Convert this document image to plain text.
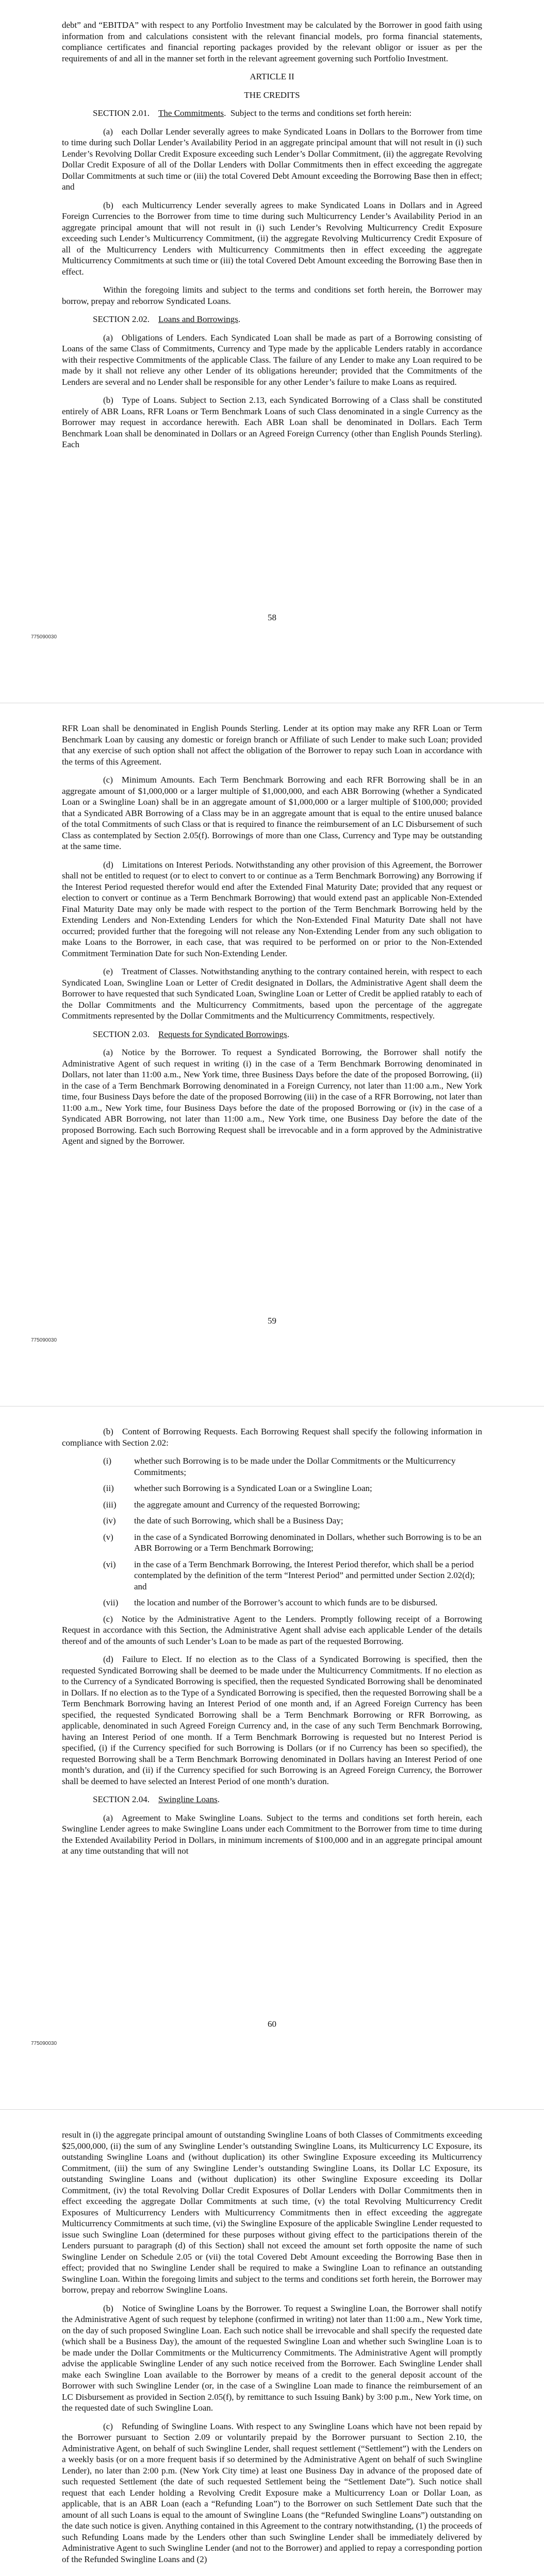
debt” and “EBITDA” with respect to any Portfolio Investment may be calculated by the Borrower in good faith using information from and calculations consistent with the relevant financial models, pro forma financial statements, compliance certificates and financial reporting packages provided by the relevant obligor or issuer as per the requirements of and all in the manner set forth in the relevant agreement governing such Portfolio Investment.

ARTICLE II
THE CREDITS

SECTION 2.01. The Commitments.  Subject to the terms and conditions set forth herein:

(a) each Dollar Lender severally agrees to make Syndicated Loans in Dollars to the Borrower from time to time during such Dollar Lender’s Availability Period in an aggregate principal amount that will not result in (i) such Lender’s Revolving Dollar Credit Exposure exceeding such Lender’s Dollar Commitment, (ii) the aggregate Revolving Dollar Credit Exposure of all of the Dollar Lenders with Dollar Commitments then in effect exceeding the aggregate Dollar Commitments at such time or (iii) the total Covered Debt Amount exceeding the Borrowing Base then in effect; and

(b) each Multicurrency Lender severally agrees to make Syndicated Loans in Dollars and in Agreed Foreign Currencies to the Borrower from time to time during such Multicurrency Lender’s Availability Period in an aggregate principal amount that will not result in (i) such Lender’s Revolving Multicurrency Credit Exposure exceeding such Lender’s Multicurrency Commitment, (ii) the aggregate Revolving Multicurrency Credit Exposure of all of the Multicurrency Lenders with Multicurrency Commitments then in effect exceeding the aggregate Multicurrency Commitments at such time or (iii) the total Covered Debt Amount exceeding the Borrowing Base then in effect.

Within the foregoing limits and subject to the terms and conditions set forth herein, the Borrower may borrow, prepay and reborrow Syndicated Loans.

SECTION 2.02. Loans and Borrowings.

(a) Obligations of Lenders. Each Syndicated Loan shall be made as part of a Borrowing consisting of Loans of the same Class of Commitments, Currency and Type made by the applicable Lenders ratably in accordance with their respective Commitments of the applicable Class. The failure of any Lender to make any Loan required to be made by it shall not relieve any other Lender of its obligations hereunder; provided that the Commitments of the Lenders are several and no Lender shall be responsible for any other Lender’s failure to make Loans as required.

(b) Type of Loans. Subject to Section 2.13, each Syndicated Borrowing of a Class shall be constituted entirely of ABR Loans, RFR Loans or Term Benchmark Loans of such Class denominated in a single Currency as the Borrower may request in accordance herewith. Each ABR Loan shall be denominated in Dollars. Each Term Benchmark Loan shall be denominated in Dollars or an Agreed Foreign Currency (other than English Pounds Sterling). Each

58
775090030

RFR Loan shall be denominated in English Pounds Sterling. Lender at its option may make any RFR Loan or Term Benchmark Loan by causing any domestic or foreign branch or Affiliate of such Lender to make such Loan; provided that any exercise of such option shall not affect the obligation of the Borrower to repay such Loan in accordance with the terms of this Agreement.

(c) Minimum Amounts. Each Term Benchmark Borrowing and each RFR Borrowing shall be in an aggregate amount of $1,000,000 or a larger multiple of $1,000,000, and each ABR Borrowing (whether a Syndicated Loan or a Swingline Loan) shall be in an aggregate amount of $1,000,000 or a larger multiple of $100,000; provided that a Syndicated ABR Borrowing of a Class may be in an aggregate amount that is equal to the entire unused balance of the total Commitments of such Class or that is required to finance the reimbursement of an LC Disbursement of such Class as contemplated by Section 2.05(f). Borrowings of more than one Class, Currency and Type may be outstanding at the same time.

(d) Limitations on Interest Periods. Notwithstanding any other provision of this Agreement, the Borrower shall not be entitled to request (or to elect to convert to or continue as a Term Benchmark Borrowing) any Borrowing if the Interest Period requested therefor would end after the Extended Final Maturity Date; provided that any request or election to convert or continue as a Term Benchmark Borrowing) that would extend past an applicable Non-Extended Final Maturity Date may only be made with respect to the portion of the Term Benchmark Borrowing held by the Extending Lenders and Non-Extending Lenders for which the Non-Extended Final Maturity Date shall not have occurred; provided further that the foregoing will not release any Non-Extending Lender from any such obligation to make Loans to the Borrower, in each case, that was required to be performed on or prior to the Non-Extended Commitment Termination Date for such Non-Extending Lender.

(e) Treatment of Classes. Notwithstanding anything to the contrary contained herein, with respect to each Syndicated Loan, Swingline Loan or Letter of Credit designated in Dollars, the Administrative Agent shall deem the Borrower to have requested that such Syndicated Loan, Swingline Loan or Letter of Credit be applied ratably to each of the Dollar Commitments and the Multicurrency Commitments, based upon the percentage of the aggregate Commitments represented by the Dollar Commitments and the Multicurrency Commitments, respectively.

SECTION 2.03. Requests for Syndicated Borrowings.

(a) Notice by the Borrower. To request a Syndicated Borrowing, the Borrower shall notify the Administrative Agent of such request in writing (i) in the case of a Term Benchmark Borrowing denominated in Dollars, not later than 11:00 a.m., New York time, three Business Days before the date of the proposed Borrowing, (ii) in the case of a Term Benchmark Borrowing denominated in a Foreign Currency, not later than 11:00 a.m., New York time, four Business Days before the date of the proposed Borrowing (iii) in the case of a RFR Borrowing, not later than 11:00 a.m., New York time, four Business Days before the date of the proposed Borrowing or (iv) in the case of a Syndicated ABR Borrowing, not later than 11:00 a.m., New York time, one Business Day before the date of the proposed Borrowing. Each such Borrowing Request shall be irrevocable and in a form approved by the Administrative Agent and signed by the Borrower.

59
775090030

(b) Content of Borrowing Requests. Each Borrowing Request shall specify the following information in compliance with Section 2.02:

(i)	whether such Borrowing is to be made under the Dollar Commitments or the Multicurrency Commitments;
(ii) whether such Borrowing is a Syndicated Loan or a Swingline Loan;
(iii) the aggregate amount and Currency of the requested Borrowing;
(iv) the date of such Borrowing, which shall be a Business Day;
(v) in the case of a Syndicated Borrowing denominated in Dollars, whether such Borrowing is to be an ABR Borrowing or a Term Benchmark Borrowing;
(vi) in the case of a Term Benchmark Borrowing, the Interest Period therefor, which shall be a period contemplated by the definition of the term “Interest Period” and permitted under Section 2.02(d); and
(vii) the location and number of the Borrower’s account to which funds are to be disbursed.

(c) Notice by the Administrative Agent to the Lenders. Promptly following receipt of a Borrowing Request in accordance with this Section, the Administrative Agent shall advise each applicable Lender of the details thereof and of the amounts of such Lender’s Loan to be made as part of the requested Borrowing.

(d) Failure to Elect. If no election as to the Class of a Syndicated Borrowing is specified, then the requested Syndicated Borrowing shall be deemed to be made under the Multicurrency Commitments. If no election as to the Currency of a Syndicated Borrowing is specified, then the requested Syndicated Borrowing shall be denominated in Dollars. If no election as to the Type of a Syndicated Borrowing is specified, then the requested Borrowing shall be a Term Benchmark Borrowing having an Interest Period of one month and, if an Agreed Foreign Currency has been specified, the requested Syndicated Borrowing shall be a Term Benchmark Borrowing or RFR Borrowing, as applicable, denominated in such Agreed Foreign Currency and, in the case of any such Term Benchmark Borrowing, having an Interest Period of one month. If a Term Benchmark Borrowing is requested but no Interest Period is specified, (i) if the Currency specified for such Borrowing is Dollars (or if no Currency has been so specified), the requested Borrowing shall be a Term Benchmark Borrowing denominated in Dollars having an Interest Period of one month’s duration, and (ii) if the Currency specified for such Borrowing is an Agreed Foreign Currency, the Borrower shall be deemed to have selected an Interest Period of one month’s duration.

SECTION 2.04. Swingline Loans.

(a) Agreement to Make Swingline Loans. Subject to the terms and conditions set forth herein, each Swingline Lender agrees to make Swingline Loans under each Commitment to the Borrower from time to time during the Extended Availability Period in Dollars, in minimum increments of $100,000 and in an aggregate principal amount at any time outstanding that will not

60
775090030

result in (i) the aggregate principal amount of outstanding Swingline Loans of both Classes of Commitments exceeding $25,000,000, (ii) the sum of any Swingline Lender’s outstanding Swingline Loans, its Multicurrency LC Exposure, its outstanding Swingline Loans and (without duplication) its other Swingline Exposure exceeding its Multicurrency Commitment, (iii) the sum of any Swingline Lender’s outstanding Swingline Loans, its Dollar LC Exposure, its outstanding Swingline Loans and (without duplication) its other Swingline Exposure exceeding its Dollar Commitment, (iv) the total Revolving Dollar Credit Exposures of Dollar Lenders with Dollar Commitments then in effect exceeding the aggregate Dollar Commitments at such time, (v) the total Revolving Multicurrency Credit Exposures of Multicurrency Lenders with Multicurrency Commitments then in effect exceeding the aggregate Multicurrency Commitments at such time, (vi) the Swingline Exposure of the applicable Swingline Lender requested to issue such Swingline Loan (determined for these purposes without giving effect to the participations therein of the Lenders pursuant to paragraph (d) of this Section) shall not exceed the amount set forth opposite the name of such Swingline Lender on Schedule 2.05 or (vii) the total Covered Debt Amount exceeding the Borrowing Base then in effect; provided that no Swingline Lender shall be required to make a Swingline Loan to refinance an outstanding Swingline Loan. Within the foregoing limits and subject to the terms and conditions set forth herein, the Borrower may borrow, prepay and reborrow Swingline Loans.

(b) Notice of Swingline Loans by the Borrower. To request a Swingline Loan, the Borrower shall notify the Administrative Agent of such request by telephone (confirmed in writing) not later than 11:00 a.m., New York time, on the day of such proposed Swingline Loan. Each such notice shall be irrevocable and shall specify the requested date (which shall be a Business Day), the amount of the requested Swingline Loan and whether such Swingline Loan is to be made under the Dollar Commitments or the Multicurrency Commitments. The Administrative Agent will promptly advise the applicable Swingline Lender of any such notice received from the Borrower. Each Swingline Lender shall make each Swingline Loan available to the Borrower by means of a credit to the general deposit account of the Borrower with such Swingline Lender (or, in the case of a Swingline Loan made to finance the reimbursement of an LC Disbursement as provided in Section 2.05(f), by remittance to such Issuing Bank) by 3:00 p.m., New York time, on the requested date of such Swingline Loan.

(c) Refunding of Swingline Loans. With respect to any Swingline Loans which have not been repaid by the Borrower pursuant to Section 2.09 or voluntarily prepaid by the Borrower pursuant to Section 2.10, the Administrative Agent, on behalf of such Swingline Lender, shall request settlement (“Settlement”) with the Lenders on a weekly basis (or on a more frequent basis if so determined by the Administrative Agent on behalf of such Swingline Lender), no later than 2:00 p.m. (New York City time) at least one Business Day in advance of the proposed date of such requested Settlement (the date of such requested Settlement being the “Settlement Date”). Such notice shall request that each Lender holding a Revolving Credit Exposure make a Multicurrency Loan or Dollar Loan, as applicable, that is an ABR Loan (each a “Refunding Loan”) to the Borrower on such Settlement Date such that the amount of all such Loans is equal to the amount of Swingline Loans (the “Refunded Swingline Loans”) outstanding on the date such notice is given. Anything contained in this Agreement to the contrary notwithstanding, (1) the proceeds of such Refunding Loans made by the Lenders other than such Swingline Lender shall be immediately delivered by Administrative Agent to such Swingline Lender (and not to the Borrower) and applied to repay a corresponding portion of the Refunded Swingline Loans and (2)
